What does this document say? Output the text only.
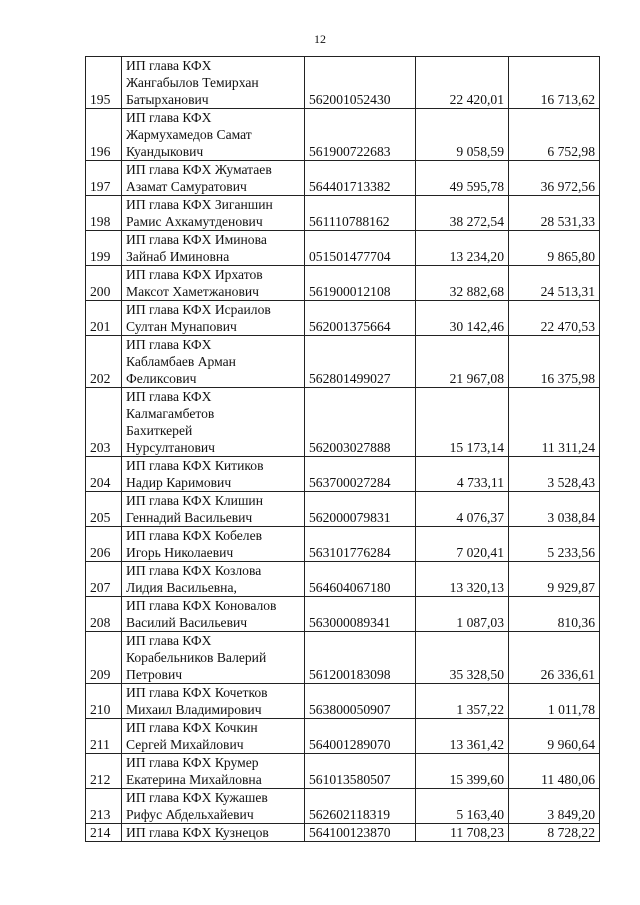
12
195	ИП глава КФХ
Жангабылов Темирхан
Батырханович	562001052430	22 420,01	16 713,62
196	ИП глава КФХ
Жармухамедов Самат
Куандыкович	561900722683	9 058,59	6 752,98
197	ИП глава КФХ Жуматаев
Азамат Самуратович	564401713382	49 595,78	36 972,56
198	ИП глава КФХ Зиганшин
Рамис Ахкамутденович	561110788162	38 272,54	28 531,33
199	ИП глава КФХ Иминова
Зайнаб Иминовна	051501477704	13 234,20	9 865,80
200	ИП глава КФХ Ирхатов
Максот Хаметжанович	561900012108	32 882,68	24 513,31
201	ИП глава КФХ Исраилов
Султан Мунапович	562001375664	30 142,46	22 470,53
202	ИП глава КФХ
Кабламбаев Арман
Феликсович	562801499027	21 967,08	16 375,98
203	ИП глава КФХ
Калмагамбетов
Бахиткерей
Нурсултанович	562003027888	15 173,14	11 311,24
204	ИП глава КФХ Китиков
Надир Каримович	563700027284	4 733,11	3 528,43
205	ИП глава КФХ Клишин
Геннадий Васильевич	562000079831	4 076,37	3 038,84
206	ИП глава КФХ Кобелев
Игорь Николаевич	563101776284	7 020,41	5 233,56
207	ИП глава КФХ Козлова
Лидия Васильевна,	564604067180	13 320,13	9 929,87
208	ИП глава КФХ Коновалов
Василий Васильевич	563000089341	1 087,03	810,36
209	ИП глава КФХ
Корабельников Валерий
Петрович	561200183098	35 328,50	26 336,61
210	ИП глава КФХ Кочетков
Михаил Владимирович	563800050907	1 357,22	1 011,78
211	ИП глава КФХ Кочкин
Сергей Михайлович	564001289070	13 361,42	9 960,64
212	ИП глава КФХ Крумер
Екатерина Михайловна	561013580507	15 399,60	11 480,06
213	ИП глава КФХ Кужашев
Рифус Абдельхайевич	562602118319	5 163,40	3 849,20
214	ИП глава КФХ Кузнецов	564100123870	11 708,23	8 728,22
